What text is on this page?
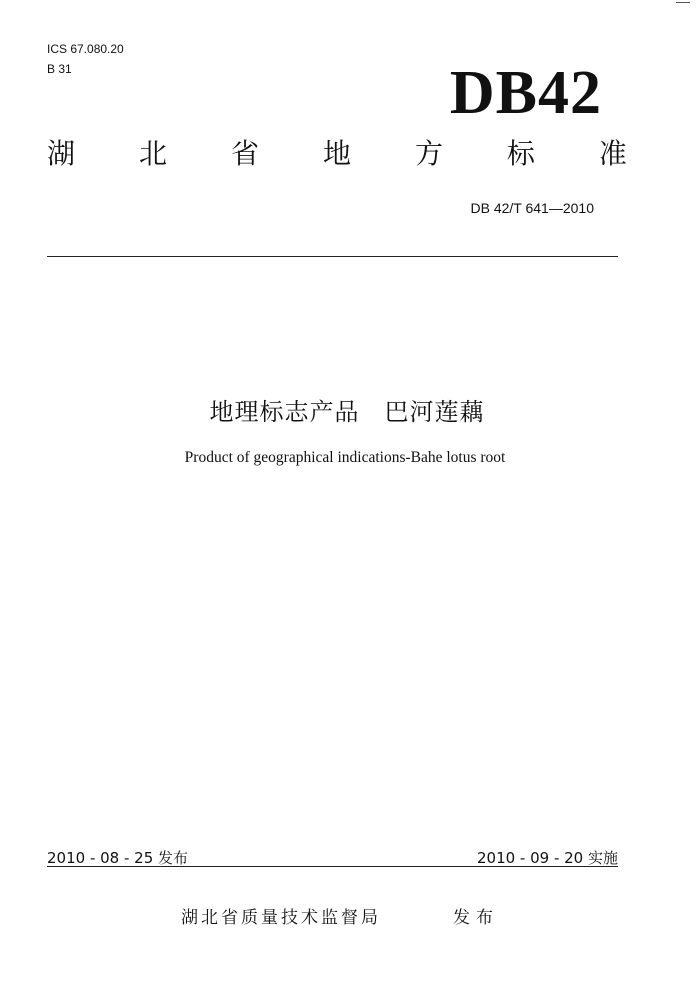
ICS 67.080.20
B 31	DB42
湖 北 省 地 方 标 准
DB 42/T 641—2010
地理标志产品　巴河莲藕
Product of geographical indications-Bahe lotus root
2010 - 08 - 25 发布	2010 - 09 - 20 实施
湖北省质量技术监督局	发布
